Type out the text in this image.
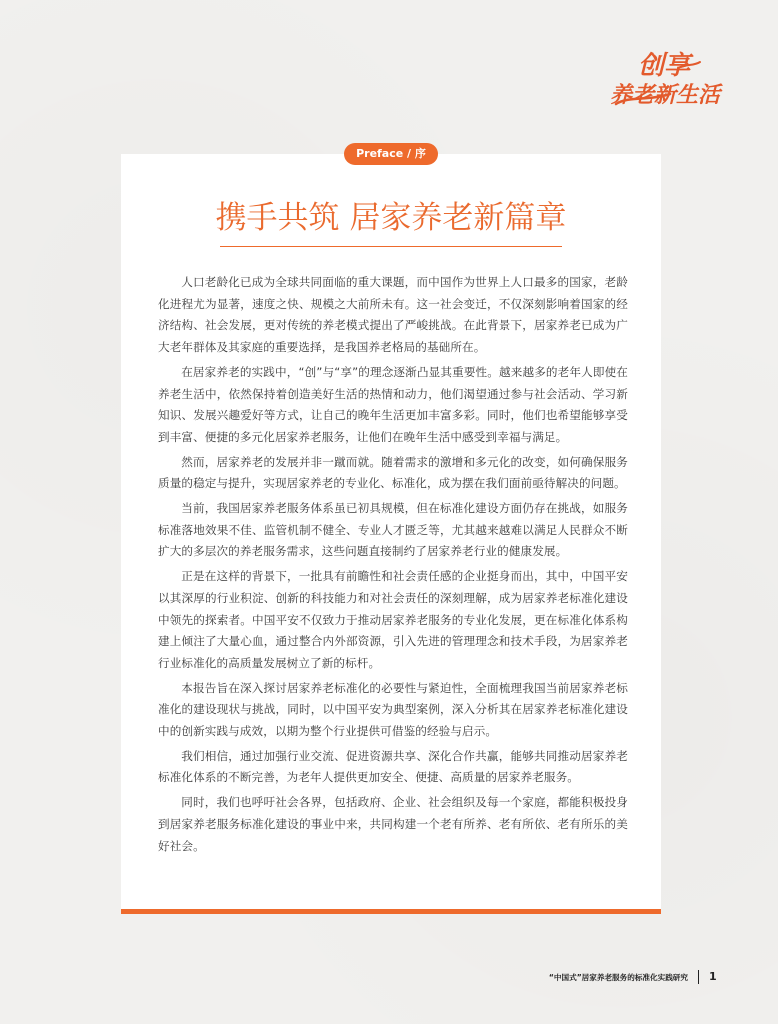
创享
养老新生活
Preface / 序
携手共筑 居家养老新篇章

人口老龄化已成为全球共同面临的重大课题，而中国作为世界上人口最多的国家，老龄化进程尤为显著，速度之快、规模之大前所未有。这一社会变迁，不仅深刻影响着国家的经济结构、社会发展，更对传统的养老模式提出了严峻挑战。在此背景下，居家养老已成为广大老年群体及其家庭的重要选择，是我国养老格局的基础所在。

在居家养老的实践中，“创”与“享”的理念逐渐凸显其重要性。越来越多的老年人即使在养老生活中，依然保持着创造美好生活的热情和动力，他们渴望通过参与社会活动、学习新知识、发展兴趣爱好等方式，让自己的晚年生活更加丰富多彩。同时，他们也希望能够享受到丰富、便捷的多元化居家养老服务，让他们在晚年生活中感受到幸福与满足。

然而，居家养老的发展并非一蹴而就。随着需求的激增和多元化的改变，如何确保服务质量的稳定与提升，实现居家养老的专业化、标准化，成为摆在我们面前亟待解决的问题。

当前，我国居家养老服务体系虽已初具规模，但在标准化建设方面仍存在挑战，如服务标准落地效果不佳、监管机制不健全、专业人才匮乏等，尤其越来越难以满足人民群众不断扩大的多层次的养老服务需求，这些问题直接制约了居家养老行业的健康发展。

正是在这样的背景下，一批具有前瞻性和社会责任感的企业挺身而出，其中，中国平安以其深厚的行业积淀、创新的科技能力和对社会责任的深刻理解，成为居家养老标准化建设中领先的探索者。中国平安不仅致力于推动居家养老服务的专业化发展，更在标准化体系构建上倾注了大量心血，通过整合内外部资源，引入先进的管理理念和技术手段，为居家养老行业标准化的高质量发展树立了新的标杆。

本报告旨在深入探讨居家养老标准化的必要性与紧迫性，全面梳理我国当前居家养老标准化的建设现状与挑战，同时，以中国平安为典型案例，深入分析其在居家养老标准化建设中的创新实践与成效，以期为整个行业提供可借鉴的经验与启示。

我们相信，通过加强行业交流、促进资源共享、深化合作共赢，能够共同推动居家养老标准化体系的不断完善，为老年人提供更加安全、便捷、高质量的居家养老服务。

同时，我们也呼吁社会各界，包括政府、企业、社会组织及每一个家庭，都能积极投身到居家养老服务标准化建设的事业中来，共同构建一个老有所养、老有所依、老有所乐的美好社会。

“中国式”居家养老服务的标准化实践研究 1
